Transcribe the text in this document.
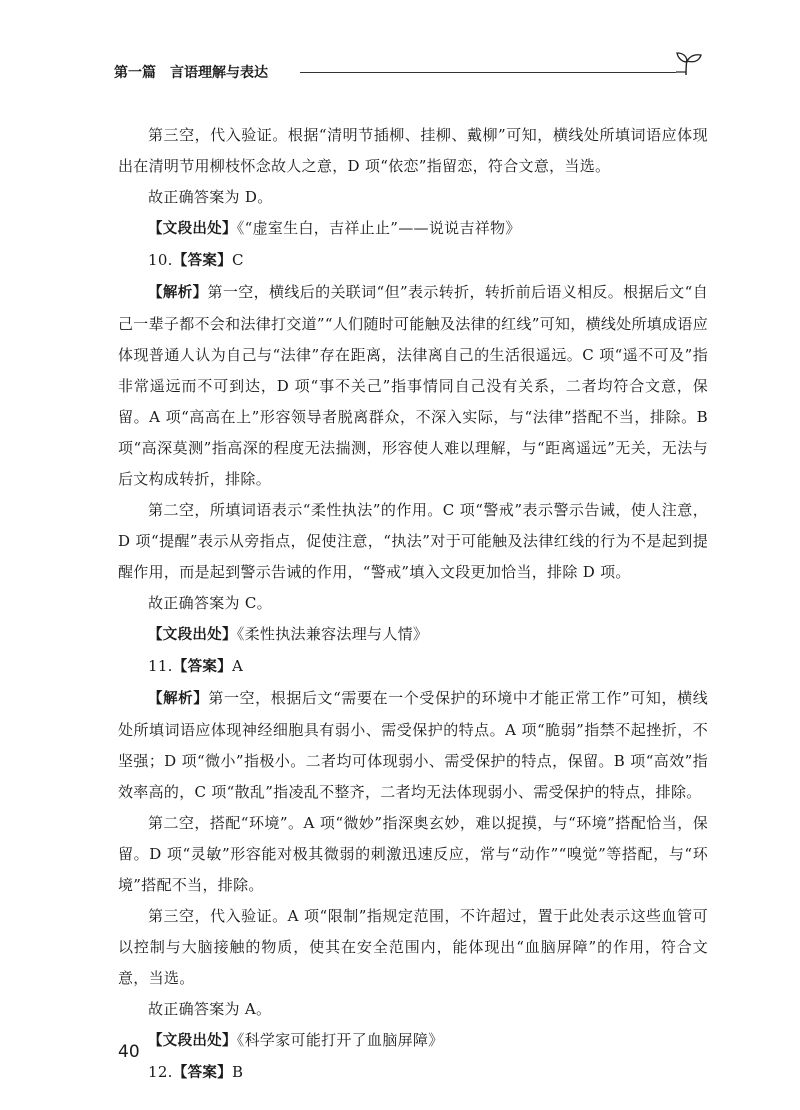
第一篇 言语理解与表达

第三空，代入验证。根据“清明节插柳、挂柳、戴柳”可知，横线处所填词语应体现出在清明节用柳枝怀念故人之意，D 项“依恋”指留恋，符合文意，当选。

故正确答案为 D。

【文段出处】《“虚室生白，吉祥止止”——说说吉祥物》

10.【答案】C

【解析】第一空，横线后的关联词“但”表示转折，转折前后语义相反。根据后文“自己一辈子都不会和法律打交道”“人们随时可能触及法律的红线”可知，横线处所填成语应体现普通人认为自己与“法律”存在距离，法律离自己的生活很遥远。C 项“遥不可及”指非常遥远而不可到达，D 项“事不关己”指事情同自己没有关系，二者均符合文意，保留。A 项“高高在上”形容领导者脱离群众，不深入实际，与“法律”搭配不当，排除。B 项“高深莫测”指高深的程度无法揣测，形容使人难以理解，与“距离遥远”无关，无法与后文构成转折，排除。

第二空，所填词语表示“柔性执法”的作用。C 项“警戒”表示警示告诫，使人注意，D 项“提醒”表示从旁指点，促使注意，“执法”对于可能触及法律红线的行为不是起到提醒作用，而是起到警示告诫的作用，“警戒”填入文段更加恰当，排除 D 项。

故正确答案为 C。

【文段出处】《柔性执法兼容法理与人情》

11.【答案】A

【解析】第一空，根据后文“需要在一个受保护的环境中才能正常工作”可知，横线处所填词语应体现神经细胞具有弱小、需受保护的特点。A 项“脆弱”指禁不起挫折，不坚强；D 项“微小”指极小。二者均可体现弱小、需受保护的特点，保留。B 项“高效”指效率高的，C 项“散乱”指凌乱不整齐，二者均无法体现弱小、需受保护的特点，排除。

第二空，搭配“环境”。A 项“微妙”指深奥玄妙，难以捉摸，与“环境”搭配恰当，保留。D 项“灵敏”形容能对极其微弱的刺激迅速反应，常与“动作”“嗅觉”等搭配，与“环境”搭配不当，排除。

第三空，代入验证。A 项“限制”指规定范围，不许超过，置于此处表示这些血管可以控制与大脑接触的物质，使其在安全范围内，能体现出“血脑屏障”的作用，符合文意，当选。

故正确答案为 A。

【文段出处】《科学家可能打开了血脑屏障》

12.【答案】B

40
